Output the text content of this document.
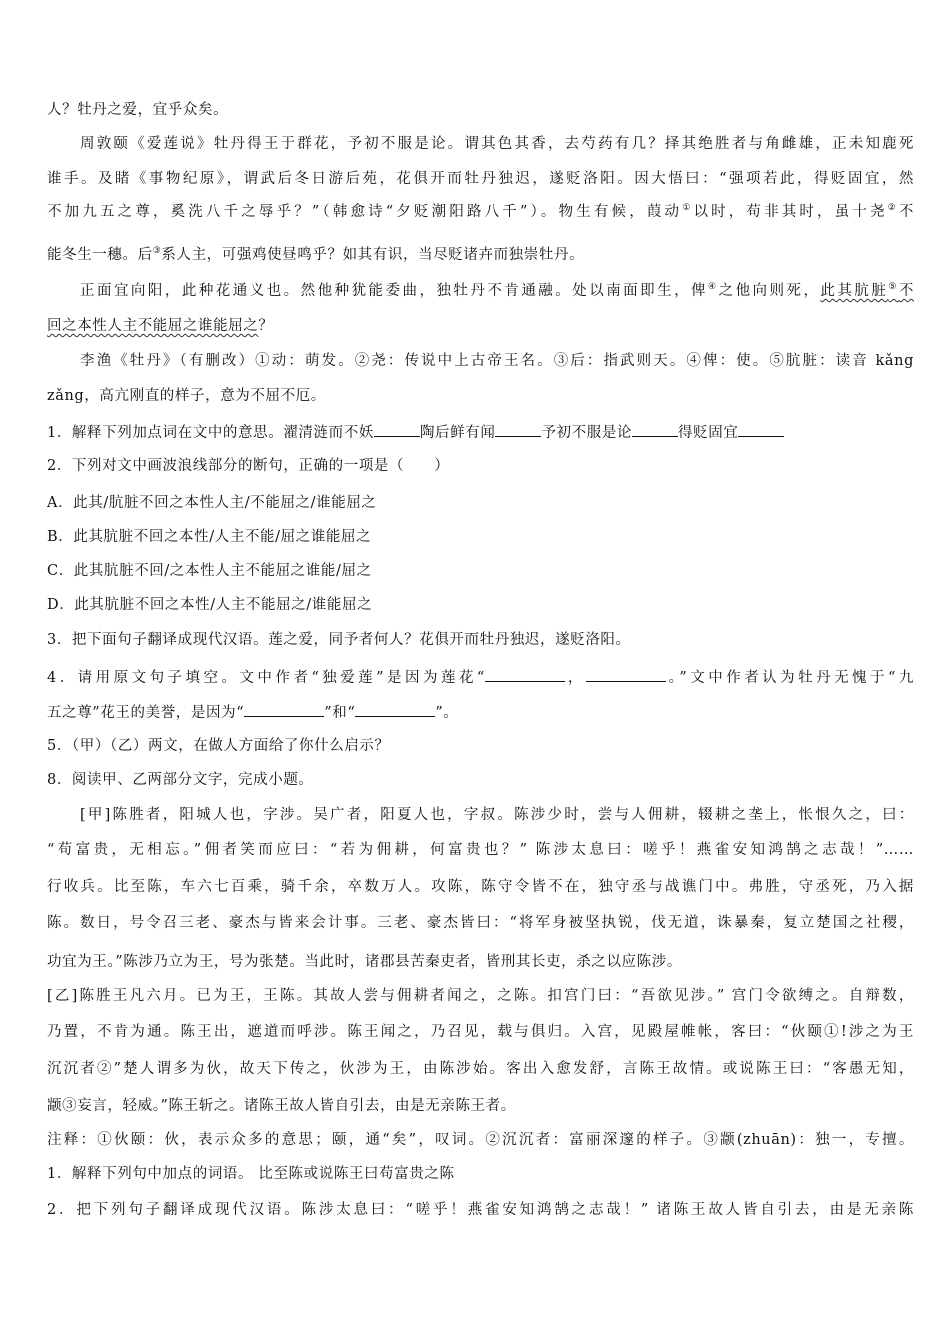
人？牡丹之爱，宜乎众矣。
周敦颐《爱莲说》牡丹得王于群花，予初不服是论。谓其色其香，去芍药有几？择其绝胜者与角雌雄，正未知鹿死
谁手。及睹《事物纪原》，谓武后冬日游后苑，花俱开而牡丹独迟，遂贬洛阳。因大悟曰：“强项若此，得贬固宜，然
不加九五之尊，奚洗八千之辱乎？”（韩愈诗“夕贬潮阳路八千”）。物生有候，葭动①以时，苟非其时，虽十尧②不
能冬生一穗。后③系人主，可强鸡使昼鸣乎？如其有识，当尽贬诸卉而独崇牡丹。
正面宜向阳，此种花通义也。然他种犹能委曲，独牡丹不肯通融。处以南面即生，俾④之他向则死，此其肮脏⑤不
回之本性人主不能屈之谁能屈之？
李渔《牡丹》（有删改）①动：萌发。②尧：传说中上古帝王名。③后：指武则天。④俾：使。⑤肮脏：读音 kǎng
zǎng，高亢刚直的样子，意为不屈不厄。
1．解释下列加点词在文中的意思。濯清涟而不妖	陶后鲜有闻	予初不服是论	得贬固宜
2．下列对文中画波浪线部分的断句，正确的一项是（　　）
A．此其/肮脏不回之本性人主/不能屈之/谁能屈之
B．此其肮脏不回之本性/人主不能/屈之谁能屈之
C．此其肮脏不回/之本性人主不能屈之谁能/屈之
D．此其肮脏不回之本性/人主不能屈之/谁能屈之
3．把下面句子翻译成现代汉语。莲之爱，同予者何人？花俱开而牡丹独迟，遂贬洛阳。
4．请用原文句子填空。文中作者“独爱莲”是因为莲花“	，	。”文中作者认为牡丹无愧于“九
五之尊”花王的美誉，是因为“	”和“	”。
5．（甲）（乙）两文，在做人方面给了你什么启示？
8．阅读甲、乙两部分文字，完成小题。
[甲]陈胜者，阳城人也，字涉。吴广者，阳夏人也，字叔。陈涉少时，尝与人佣耕，辍耕之垄上，怅恨久之，曰：
“苟富贵，无相忘。”佣者笑而应曰：“若为佣耕，何富贵也？” 陈涉太息曰：嗟乎！燕雀安知鸿鹄之志哉！”……
行收兵。比至陈，车六七百乘，骑千余，卒数万人。攻陈，陈守令皆不在，独守丞与战谯门中。弗胜，守丞死，乃入据
陈。数日，号令召三老、豪杰与皆来会计事。三老、豪杰皆曰：“将军身被坚执锐，伐无道，诛暴秦，复立楚国之社稷，
功宜为王。”陈涉乃立为王，号为张楚。当此时，诸郡县苦秦吏者，皆刑其长吏，杀之以应陈涉。
[乙]陈胜王凡六月。已为王，王陈。其故人尝与佣耕者闻之，之陈。扣宫门曰：“吾欲见涉。” 宫门令欲缚之。自辩数，
乃置，不肯为通。陈王出，遮道而呼涉。陈王闻之，乃召见，载与俱归。入宫，见殿屋帷帐，客曰：“伙颐①!涉之为王
沉沉者②”楚人谓多为伙，故天下传之，伙涉为王，由陈涉始。客出入愈发舒，言陈王故情。或说陈王曰：“客愚无知，
颛③妄言，轻威。”陈王斩之。诸陈王故人皆自引去，由是无亲陈王者。
注释：①伙颐：伙，表示众多的意思；颐，通“矣”，叹词。②沉沉者：富丽深邃的样子。③颛(zhuān)：独一，专擅。
1．解释下列句中加点的词语。 比至陈或说陈王曰苟富贵之陈
2．把下列句子翻译成现代汉语。陈涉太息曰：“嗟乎！燕雀安知鸿鹄之志哉！” 诸陈王故人皆自引去，由是无亲陈
